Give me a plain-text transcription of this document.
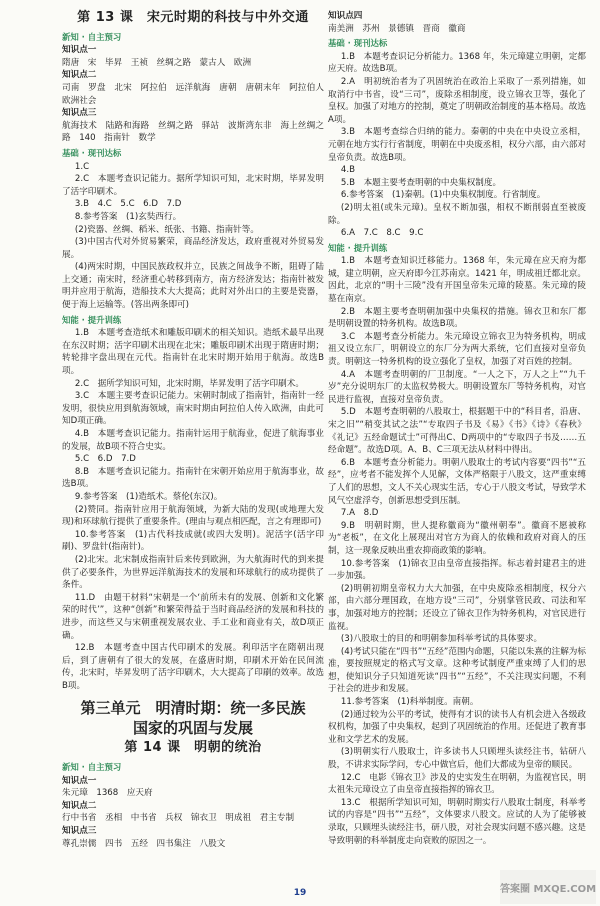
第 13 课　宋元时期的科技与中外交通
新知 · 自主预习

知识点一

隋唐　宋　毕昇　王祯　丝绸之路　蒙古人　欧洲

知识点二

司南　罗盘　北宋　阿拉伯　远洋航海　唐朝　唐朝末年　阿拉伯人　欧洲社会

知识点三

航海技术　陆路和海路　丝绸之路　驿站　波斯湾东非　海上丝绸之路　140　指南针　数学

基础 · 现刊达标

1.C

2.C　本题考查识记能力。据所学知识可知，北宋时期，毕昇发明了活字印刷术。

3.B　4.C　5.C　6.D　7.D

8.参考答案　(1)玄奘西行。

(2)瓷器、丝绸、稻米、纸张、书籍、指南针等。

(3)中国古代对外贸易繁荣，商品经济发达，政府重视对外贸易发展。

(4)两宋时期，中国民族政权并立，民族之间战争不断，阻碍了陆上交通；南宋时，经济重心转移到南方，南方经济发达；指南针被发明并应用于航海，造船技术大大提高；此时对外出口的主要是瓷器，便于海上运输等。(答出两条即可)

知能 · 提升训练

1.B　本题考查造纸术和雕版印刷术的相关知识。造纸术最早出现在东汉时期；活字印刷术出现在北宋；雕版印刷术出现于隋唐时期；转轮排字盘出现在元代。指南针在北宋时期开始用于航海。故选B项。

2.C　据所学知识可知，北宋时期，毕昇发明了活字印刷术。

3.C　本题主要考查识记能力。宋朝时制成了指南针，指南针一经发明，很快应用到航海领域，南宋时期由阿拉伯人传入欧洲，由此可知D项正确。

4.B　本题考查识记能力。指南针运用于航海业，促进了航海事业的发展，故B项不符合史实。

5.C　6.D　7.D

8.B　本题考查识记能力。指南针在宋朝开始应用于航海事业，故选B项。

9.参考答案　(1)造纸术。蔡伦(东汉)。

(2)赞同。指南针应用于航海领域，为新大陆的发现(或地理大发现)和环球航行提供了重要条件。(理由与观点相匹配，言之有理即可)

10.参考答案　(1)古代科技成就(或四大发明)。泥活字(活字印刷)、罗盘针(指南针)。

(2)北宋。北宋制成指南针后来传到欧洲，为大航海时代的到来提供了必要条件，为世界远洋航海技术的发展和环球航行的成功提供了条件。

11.D　由题干材料“宋朝是一个‘前所未有的发展、创新和文化繁荣的时代’”，这种“创新”和繁荣得益于当时商品经济的发展和科技的进步，而这些又与宋朝重视发展农业、手工业和商业有关，故D项正确。

12.B　本题考查中国古代印刷术的发展。利印活字在隋朝出现后，到了唐朝有了很大的发展，在盛唐时期，印刷术开始在民间流传，北宋时，毕昇发明了活字印刷术，大大提高了印刷的效率。故选B项。

第三单元　明清时期：统一多民族
国家的巩固与发展
第 14 课　明朝的统治
新知 · 自主预习

知识点一

朱元璋　1368　应天府

知识点二

行中书省　丞相　中书省　兵权　锦衣卫　明成祖　君主专制

知识点三

尊孔崇儒　四书　五经　四书集注　八股文

知识点四

南美洲　苏州　景德镇　晋商　徽商

基础 · 现刊达标

1.B　本题考查识记分析能力。1368 年，朱元璋建立明朝，定都应天府。故选B项。

2.A　明初统治者为了巩固统治在政治上采取了一系列措施，如取消行中书省，设“三司”，废除丞相制度，设立锦衣卫等，强化了皇权。加强了对地方的控制，奠定了明朝政治制度的基本格局。故选A项。

3.B　本题考查综合归纳的能力。秦朝的中央在中央设立丞相，元朝在地方实行行省制度，明朝在中央废丞相，权分六部，由六部对皇帝负责。故选B项。

4.B

5.B　本题主要考查明朝的中央集权制度。

6.参考答案　(1)秦朝。(1)中央集权制度。行省制度。

(2)明太祖(或朱元璋)。皇权不断加强，相权不断削弱直至被废除。

6.A　7.C　8.C　9.C

知能 · 提升训练

1.B　本题考查知识迁移能力。1368 年，朱元璋在应天府为都城，建立明朝，应天府即今江苏南京。1421 年，明成祖迁都北京。因此，北京的“明十三陵”没有开国皇帝朱元璋的陵墓。朱元璋的陵墓在南京。

2.B　本题主要考查明朝加强中央集权的措施。锦衣卫和东厂都是明朝设置的特务机构。故选B项。

3.C　本题考查分析能力。朱元璋设立锦衣卫为特务机构，明成祖又设立东厂，明朝设立的东厂分为两大系统，它们直接对皇帝负责。明朝这一特务机构的设立强化了皇权，加强了对百姓的控制。

4.A　本题考查明朝的厂卫制度。“一人之下，万人之上”“九千岁”充分说明东厂的太监权势极大。明朝设置东厂等特务机构，对官民进行监视，直接对皇帝负责。

5.D　本题考查明朝的八股取士，根据题干中的“科目者，沿唐、宋之旧”“稍变其试之法”“专取四子书及《易》《书》《诗》《春秋》《礼记》五经命题试士”可得出C、D两项中的“专取四子书及……五经命题”。故选D项。A、B、C三项无法从材料中得出。

6.B　本题考查分析能力。明朝八股取士的考试内容要“四书”“五经”，应考者不能发挥个人见解，文体严格限于八股文，这严重束缚了人们的思想，文人不关心现实生活，专心于八股文考试，导致学术风气空虚浮夸，创新思想受到压制。

7.A　8.D

9.B　明朝时期，世人提称徽商为“徽州朝奉”。徽商不愿被称为“老板”，在文化上展现出对官方为商人的依赖和政府对商人的压制，这一现象反映出重农抑商政策的影响。

10.参考答案　(1)锦衣卫由皇帝直接指挥。标志着封建君主的进一步加强。

(2)明朝初期皇帝权力大大加强，在中央废除丞相制度，权分六部，由六部分理国政，在地方设“三司”，分别掌管民政、司法和军事，加强对地方的控制；还设立了锦衣卫作为特务机构，对官民进行监视。

(3)八股取士的目的和明朝参加科举考试的具体要求。

(4)考试只能在“四书”“五经”范围内命题，只能以朱熹的注解为标准，要按照规定的格式写文章。这种考试制度严重束缚了人们的思想，使知识分子只知道死读“四书”“五经”，不关注现实问题，不利于社会的进步和发展。

11.参考答案　(1)科举制度。南朝。

(2)通过较为公平的考试，使得有才识的读书人有机会进入各级政权机构，加强了中央集权，起到了巩固统治的作用。还促进了教育事业和文学艺术的发展。

(3)明朝实行八股取士，许多读书人只顾埋头读经注书，钻研八股，不讲求实际学问，专心中做官后，他们大都成为皇帝的顺民。

12.C　电影《锦衣卫》涉及的史实发生在明朝，为监视官民，明太祖朱元璋设立了由皇帝直接指挥的锦衣卫。

13.C　根据所学知识可知，明朝时期实行八股取士制度，科举考试的内容是“四书”“五经”，文体要求八股文。应试的人为了能够被录取，只顾埋头读经注书，研八股，对社会现实问题不感兴趣。这是导致明朝的科举制度走向衰败的原因之一。

19	答案圈 MXQE.COM
